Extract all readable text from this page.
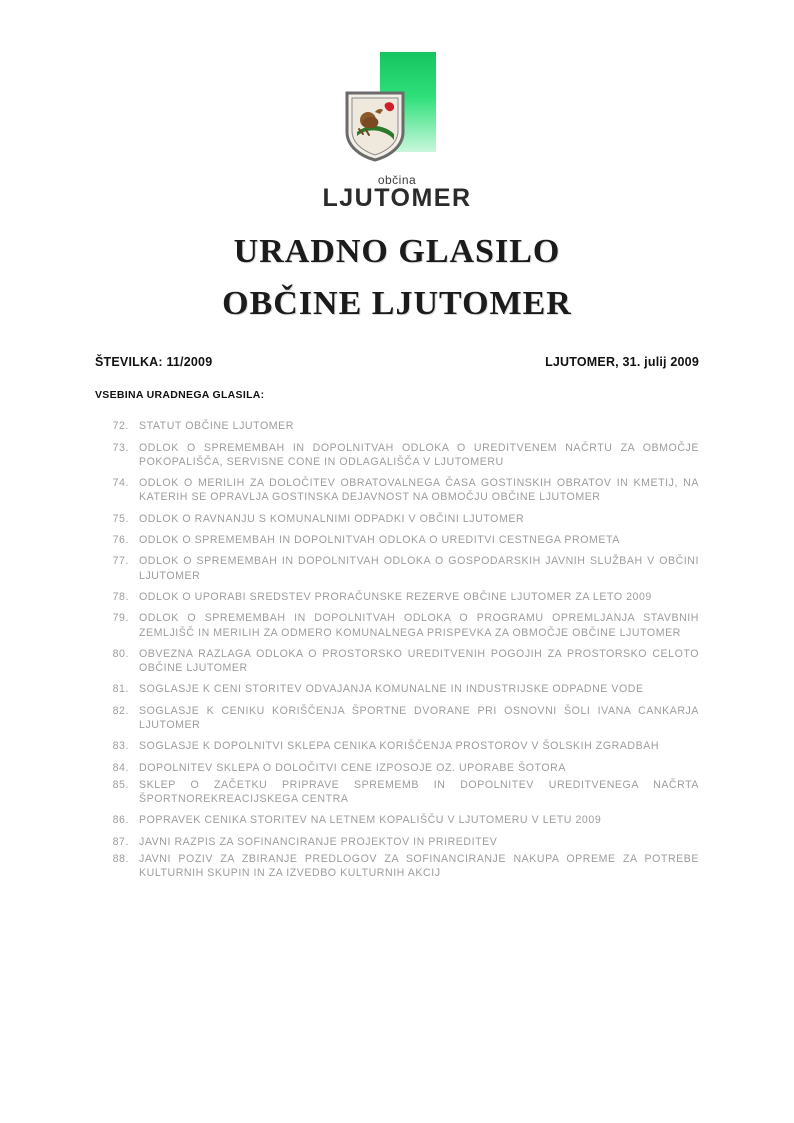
občina
LJUTOMER
URADNO GLASILO
OBČINE LJUTOMER
ŠTEVILKA: 11/2009	LJUTOMER, 31. julij 2009
VSEBINA URADNEGA GLASILA:
72. STATUT OBČINE LJUTOMER
73. ODLOK O SPREMEMBAH IN DOPOLNITVAH ODLOKA O UREDITVENEM NAČRTU ZA OBMOČJE POKOPALIŠČA, SERVISNE CONE IN ODLAGALIŠČA V LJUTOMERU
74. ODLOK O MERILIH ZA DOLOČITEV OBRATOVALNEGA ČASA GOSTINSKIH OBRATOV IN KMETIJ, NA KATERIH SE OPRAVLJA GOSTINSKA DEJAVNOST NA OBMOČJU OBČINE LJUTOMER
75. ODLOK O RAVNANJU S KOMUNALNIMI ODPADKI V OBČINI LJUTOMER
76. ODLOK O SPREMEMBAH IN DOPOLNITVAH ODLOKA O UREDITVI CESTNEGA PROMETA
77. ODLOK O SPREMEMBAH IN DOPOLNITVAH ODLOKA O GOSPODARSKIH JAVNIH SLUŽBAH V OBČINI LJUTOMER
78. ODLOK O UPORABI SREDSTEV PRORAČUNSKE REZERVE OBČINE LJUTOMER ZA LETO 2009
79. ODLOK O SPREMEMBAH IN DOPOLNITVAH ODLOKA O PROGRAMU OPREMLJANJA STAVBNIH ZEMLJIŠČ IN MERILIH ZA ODMERO KOMUNALNEGA PRISPEVKA ZA OBMOČJE OBČINE LJUTOMER
80. OBVEZNA RAZLAGA ODLOKA O PROSTORSKO UREDITVENIH POGOJIH ZA PROSTORSKO CELOTO OBČINE LJUTOMER
81. SOGLASJE K CENI STORITEV ODVAJANJA KOMUNALNE IN INDUSTRIJSKE ODPADNE VODE
82. SOGLASJE K CENIKU KORIŠČENJA ŠPORTNE DVORANE PRI OSNOVNI ŠOLI IVANA CANKARJA LJUTOMER
83. SOGLASJE K DOPOLNITVI SKLEPA CENIKA KORIŠČENJA PROSTOROV V ŠOLSKIH ZGRADBAH
84. DOPOLNITEV SKLEPA O DOLOČITVI CENE IZPOSOJE OZ. UPORABE ŠOTORA
85. SKLEP O ZAČETKU PRIPRAVE SPREMEMB IN DOPOLNITEV UREDITVENEGA NAČRTA ŠPORTNOREKREACIJSKEGA CENTRA
86. POPRAVEK CENIKA STORITEV NA LETNEM KOPALIŠČU V LJUTOMERU V LETU 2009
87. JAVNI RAZPIS ZA SOFINANCIRANJE PROJEKTOV IN PRIREDITEV
88. JAVNI POZIV ZA ZBIRANJE PREDLOGOV ZA SOFINANCIRANJE NAKUPA OPREME ZA POTREBE KULTURNIH SKUPIN IN ZA IZVEDBO KULTURNIH AKCIJ
